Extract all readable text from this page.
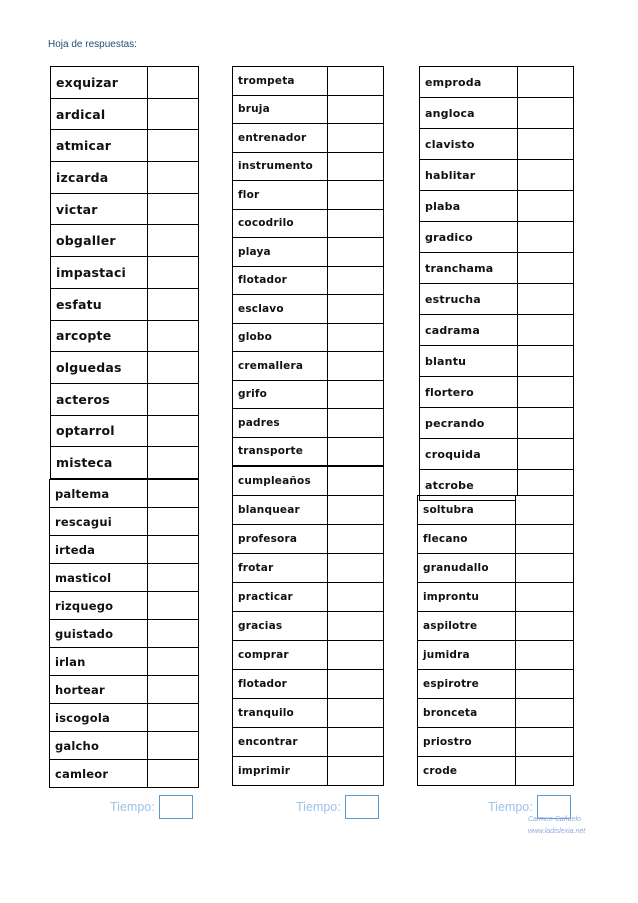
Hoja de respuestas:
exquizar	
ardical	
atmicar	
izcarda	
victar	
obgaller	
impastaci	
esfatu	
arcopte	
olguedas	
acteros	
optarrol	
misteca	
paltema	
rescagui	
irteda	
masticol	
rizquego	
guistado	
irlan	
hortear	
iscogola	
galcho	
camleor	
trompeta	
bruja	
entrenador	
instrumento	
flor	
cocodrilo	
playa	
flotador	
esclavo	
globo	
cremallera	
grifo	
padres	
transporte	
cumpleaños	
blanquear	
profesora	
frotar	
practicar	
gracias	
comprar	
flotador	
tranquilo	
encontrar	
imprimir	
emproda	
angloca	
clavisto	
hablitar	
plaba	
gradico	
tranchama	
estrucha	
cadrama	
blantu	
flortero	
pecrando	
croquida	
atcrobe	
soltubra	
flecano	
granudallo	
improntu	
aspilotre	
jumidra	
espirotre	
bronceta	
priostro	
crode	
Tiempo:	Tiempo:	Tiempo:
Carmen Cañuelo
www.ladislexia.net
